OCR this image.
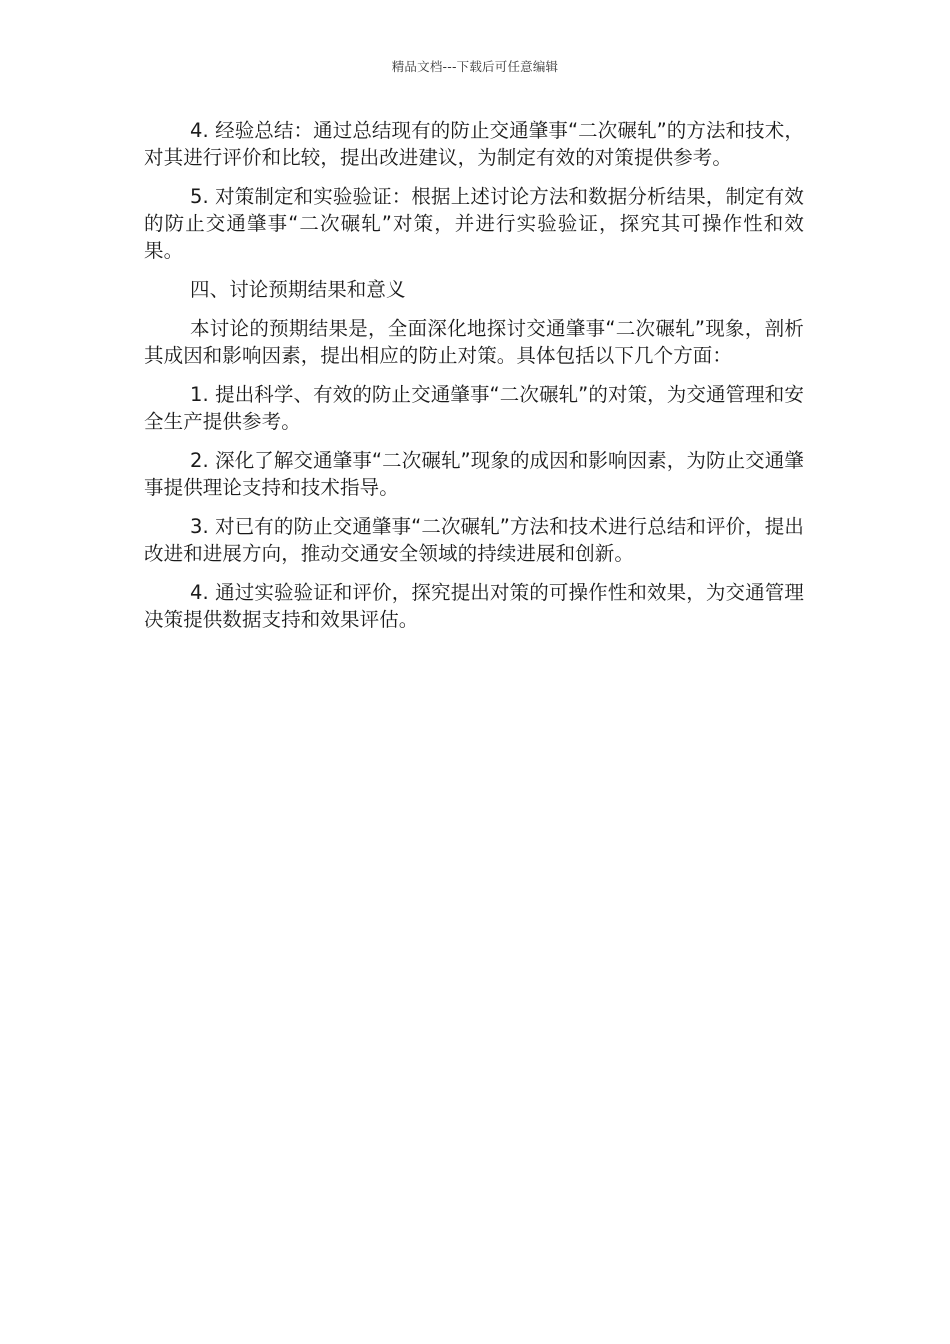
精品文档---下载后可任意编辑

4. 经验总结：通过总结现有的防止交通肇事“二次碾轧”的方法和技术，对其进行评价和比较，提出改进建议，为制定有效的对策提供参考。

5. 对策制定和实验验证：根据上述讨论方法和数据分析结果，制定有效的防止交通肇事“二次碾轧”对策，并进行实验验证，探究其可操作性和效果。

四、讨论预期结果和意义

本讨论的预期结果是，全面深化地探讨交通肇事“二次碾轧”现象，剖析其成因和影响因素，提出相应的防止对策。具体包括以下几个方面：

1. 提出科学、有效的防止交通肇事“二次碾轧”的对策，为交通管理和安全生产提供参考。

2. 深化了解交通肇事“二次碾轧”现象的成因和影响因素，为防止交通肇事提供理论支持和技术指导。

3. 对已有的防止交通肇事“二次碾轧”方法和技术进行总结和评价，提出改进和进展方向，推动交通安全领域的持续进展和创新。

4. 通过实验验证和评价，探究提出对策的可操作性和效果，为交通管理决策提供数据支持和效果评估。
